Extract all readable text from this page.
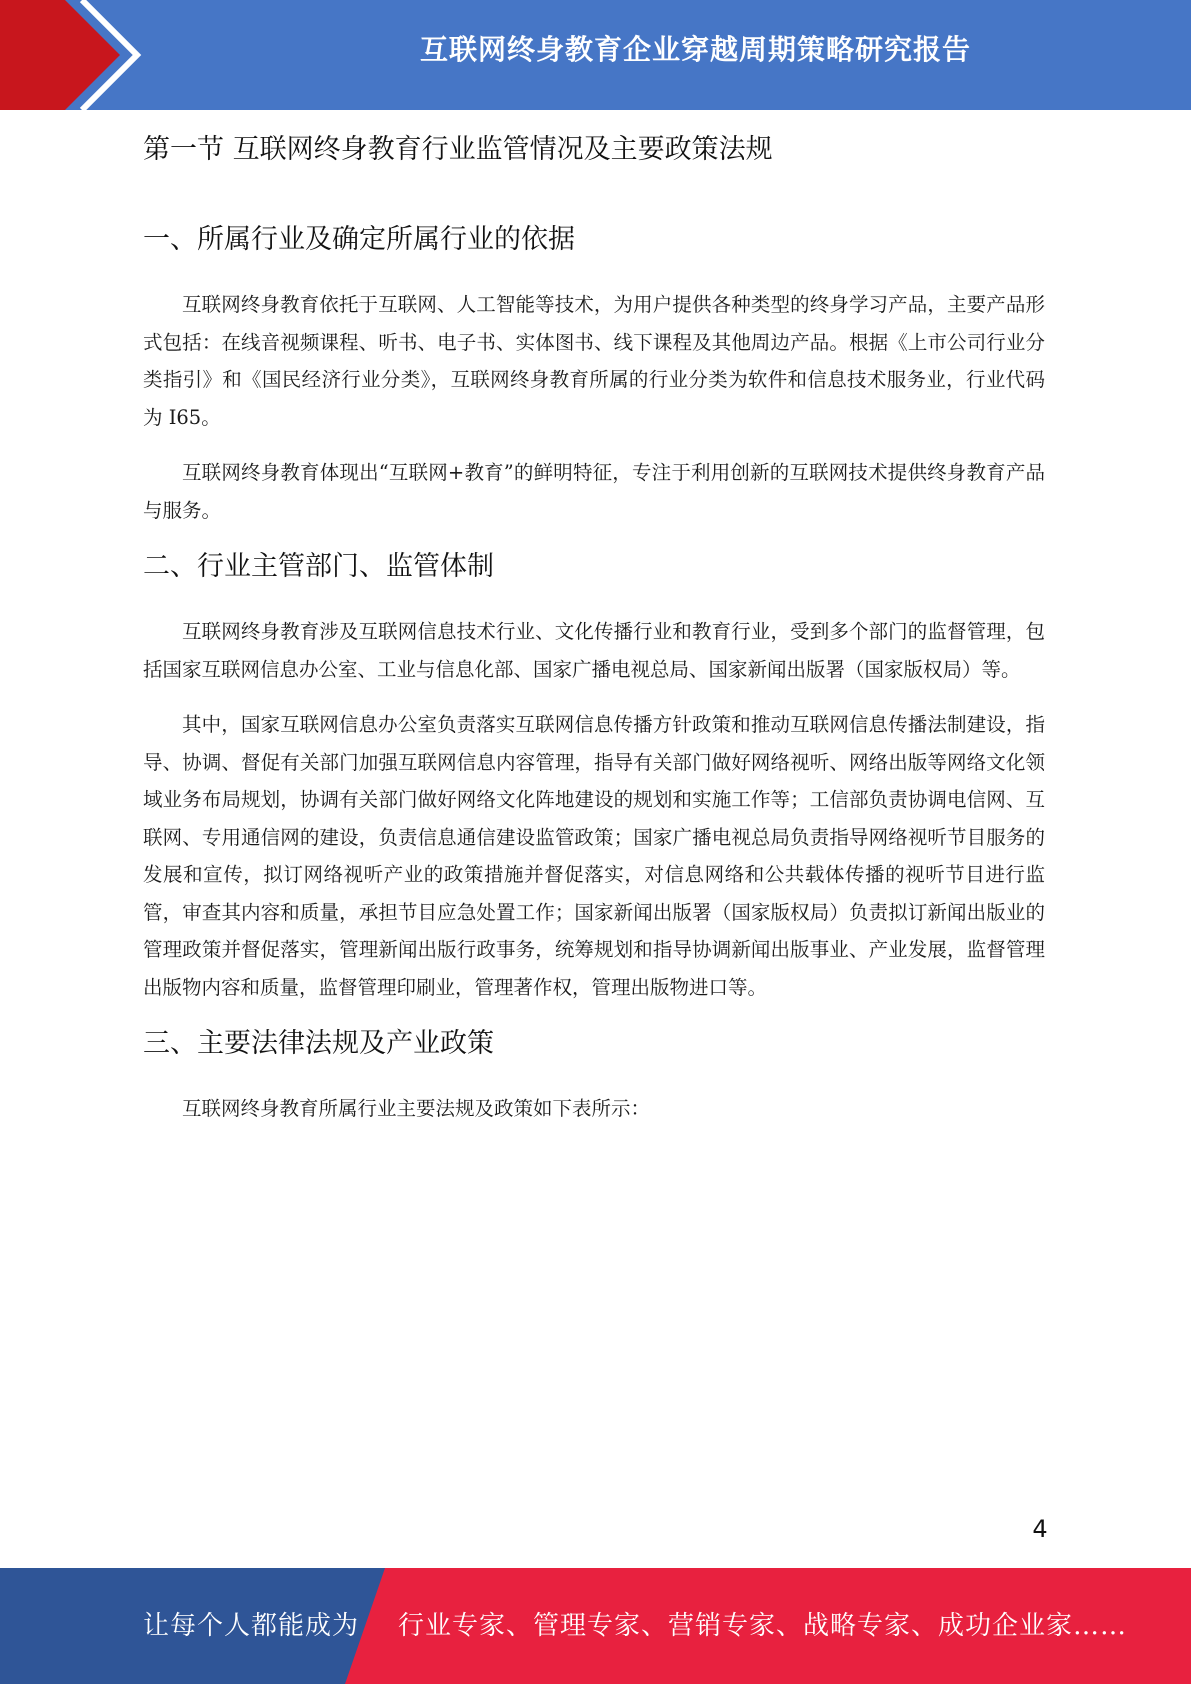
互联网终身教育企业穿越周期策略研究报告
第一节 互联网终身教育行业监管情况及主要政策法规
一、所属行业及确定所属行业的依据

互联网终身教育依托于互联网、人工智能等技术，为用户提供各种类型的终身学习产品，主要产品形式包括：在线音视频课程、听书、电子书、实体图书、线下课程及其他周边产品。根据《上市公司行业分类指引》和《国民经济行业分类》，互联网终身教育所属的行业分类为软件和信息技术服务业，行业代码为 I65。

互联网终身教育体现出“互联网+教育”的鲜明特征，专注于利用创新的互联网技术提供终身教育产品与服务。

二、行业主管部门、监管体制

互联网终身教育涉及互联网信息技术行业、文化传播行业和教育行业，受到多个部门的监督管理，包括国家互联网信息办公室、工业与信息化部、国家广播电视总局、国家新闻出版署（国家版权局）等。

其中，国家互联网信息办公室负责落实互联网信息传播方针政策和推动互联网信息传播法制建设，指导、协调、督促有关部门加强互联网信息内容管理，指导有关部门做好网络视听、网络出版等网络文化领域业务布局规划，协调有关部门做好网络文化阵地建设的规划和实施工作等；工信部负责协调电信网、互联网、专用通信网的建设，负责信息通信建设监管政策；国家广播电视总局负责指导网络视听节目服务的发展和宣传，拟订网络视听产业的政策措施并督促落实，对信息网络和公共载体传播的视听节目进行监管，审查其内容和质量，承担节目应急处置工作；国家新闻出版署（国家版权局）负责拟订新闻出版业的管理政策并督促落实，管理新闻出版行政事务，统筹规划和指导协调新闻出版事业、产业发展，监督管理出版物内容和质量，监督管理印刷业，管理著作权，管理出版物进口等。

三、主要法律法规及产业政策

互联网终身教育所属行业主要法规及政策如下表所示：

4
让每个人都能成为 行业专家、管理专家、营销专家、战略专家、成功企业家……
